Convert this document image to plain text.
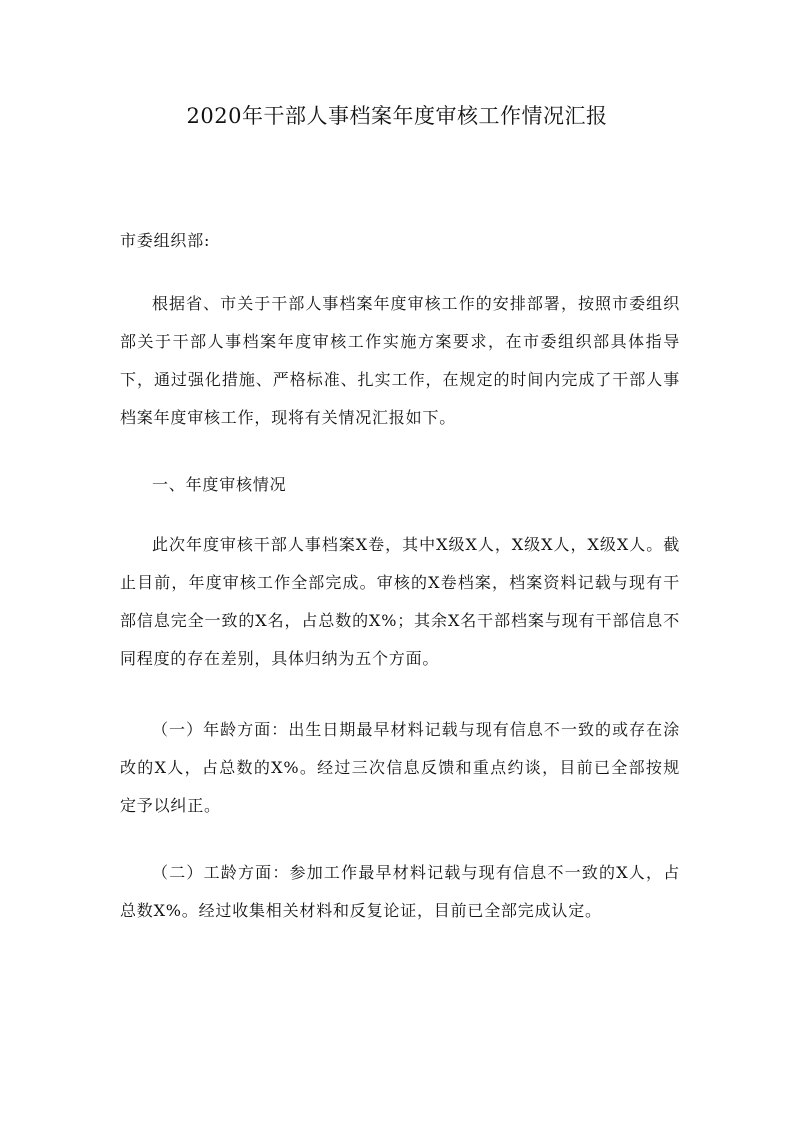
2020年干部人事档案年度审核工作情况汇报

市委组织部:

根据省、市关于干部人事档案年度审核工作的安排部署，按照市委组织部关于干部人事档案年度审核工作实施方案要求，在市委组织部具体指导下，通过强化措施、严格标准、扎实工作，在规定的时间内完成了干部人事档案年度审核工作，现将有关情况汇报如下。

一、年度审核情况

此次年度审核干部人事档案X卷，其中X级X人，X级X人，X级X人。截止目前，年度审核工作全部完成。审核的X卷档案，档案资料记载与现有干部信息完全一致的X名，占总数的X%；其余X名干部档案与现有干部信息不同程度的存在差别，具体归纳为五个方面。

（一）年龄方面：出生日期最早材料记载与现有信息不一致的或存在涂改的X人，占总数的X%。经过三次信息反馈和重点约谈，目前已全部按规定予以纠正。

（二）工龄方面：参加工作最早材料记载与现有信息不一致的X人，占总数X%。经过收集相关材料和反复论证，目前已全部完成认定。
